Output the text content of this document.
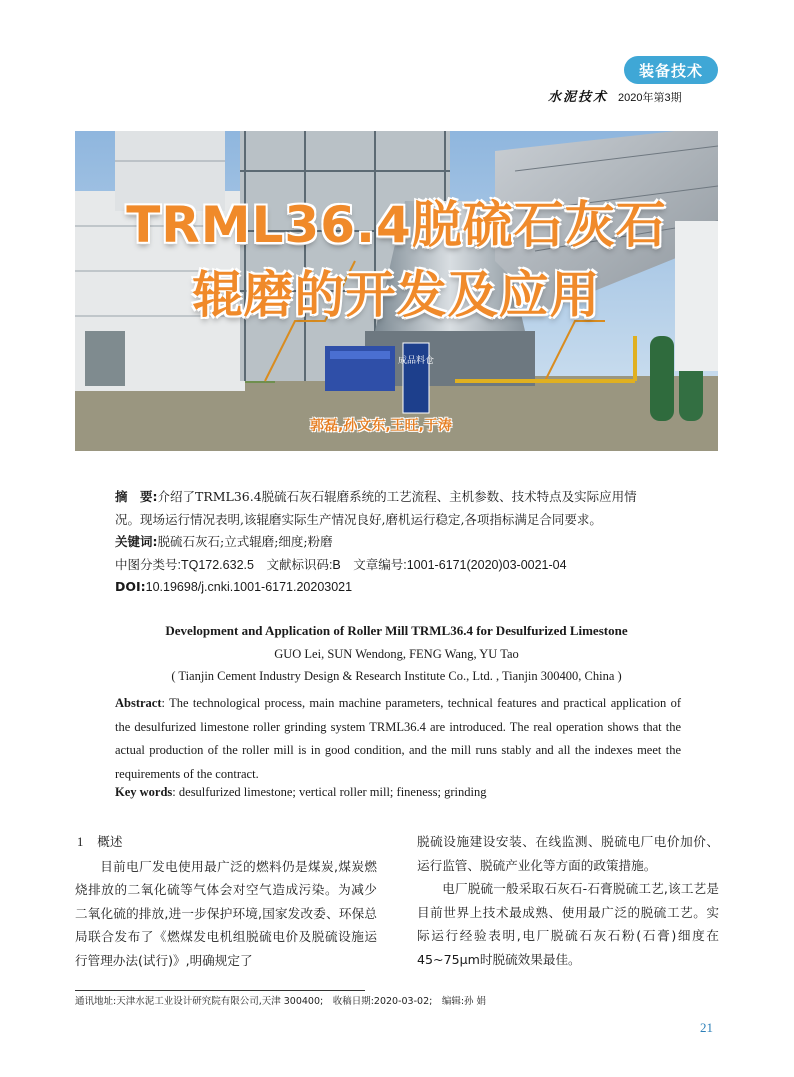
装备技术
水泥技术 2020年第3期
成品料仓
TRML36.4脱硫石灰石
辊磨的开发及应用
郭磊,孙文东,王旺,于涛
摘　要:介绍了TRML36.4脱硫石灰石辊磨系统的工艺流程、主机参数、技术特点及实际应用情
况。现场运行情况表明,该辊磨实际生产情况良好,磨机运行稳定,各项指标满足合同要求。
关键词:脱硫石灰石;立式辊磨;细度;粉磨
中图分类号:TQ172.632.5　文献标识码:B　文章编号:1001-6171(2020)03-0021-04
DOI:10.19698/j.cnki.1001-6171.20203021
Development and Application of Roller Mill TRML36.4 for Desulfurized Limestone
GUO Lei, SUN Wendong, FENG Wang, YU Tao
( Tianjin Cement Industry Design & Research Institute Co., Ltd. , Tianjin 300400, China )
Abstract: The technological process, main machine parameters, technical features and practical application of the desulfurized limestone roller grinding system TRML36.4 are introduced. The real operation shows that the actual production of the roller mill is in good condition, and the mill runs stably and all the indexes meet the requirements of the contract.
Key words: desulfurized limestone; vertical roller mill; fineness; grinding
1 概述

目前电厂发电使用最广泛的燃料仍是煤炭,煤炭燃烧排放的二氧化硫等气体会对空气造成污染。为减少二氧化硫的排放,进一步保护环境,国家发改委、环保总局联合发布了《燃煤发电机组脱硫电价及脱硫设施运行管理办法(试行)》,明确规定了

脱硫设施建设安装、在线监测、脱硫电厂电价加价、运行监管、脱硫产业化等方面的政策措施。

电厂脱硫一般采取石灰石-石膏脱硫工艺,该工艺是目前世界上技术最成熟、使用最广泛的脱硫工艺。实际运行经验表明,电厂脱硫石灰石粉(石膏)细度在45~75μm时脱硫效果最佳。

通讯地址:天津水泥工业设计研究院有限公司,天津 300400;　收稿日期:2020-03-02;　编辑:孙 娟
21
